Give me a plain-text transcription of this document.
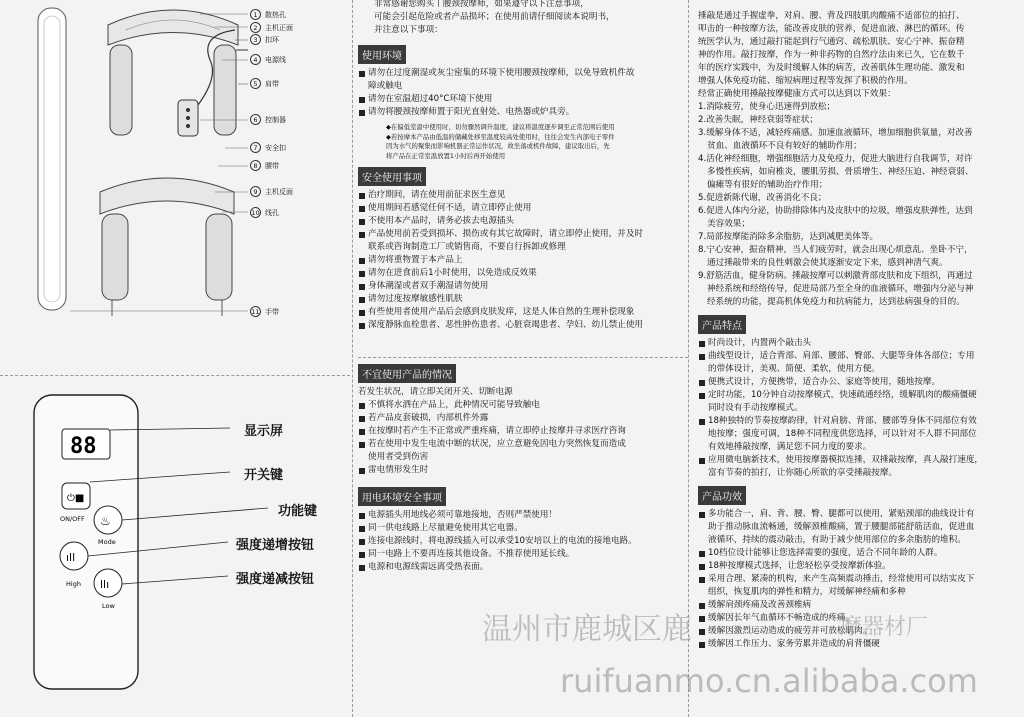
1	散热孔
2	主机正面
3	扣环
4	电源线
5	肩带
6	控制器
7	安全扣
8	腰带
9	主机反面
10 线孔
11 手带
88
⏻■
ON/OFF ♨
Mode
ıll
High llı
Low
显示屏
开关键
功能键
强度递增按钮
强度递减按钮
非常感谢您购买丨腰颈按摩师，如果遵守以下注意事项，
可能会引起危险或者产品损坏；在使用前请仔细阅读本说明书，
并注意以下事项：
使用环境
请勿在过度潮湿或灰尘密集的环境下使用腰颈按摩师，以免导致机件故
障或触电
请勿在室温超过40°C环境下使用
请勿将腰颈按摩师置于阳光直射处、电热器或炉具旁。
◆在偏低室温中使用时，切勿骤然调升温度，建议将温度逐步调至正常范围后使用
◆若按摩本产品由低温的储藏处移至温度较高处使用时，往往会发生内部电子零件
因为水气的聚集而影响机器正常运作状况，故坐落或机件故障，建议取出后，先
将产品在正常室温放置1小时后再开始使用
安全使用事项
治疗期间，请在使用前征求医生意见
使用期间若感觉任何不适，请立即停止使用
不使用本产品时，请务必拔去电源插头
产品使用前若受到损坏、损伤或有其它故障时，请立即停止使用，并及时
联系或咨询制造工厂或销售商，不要自行拆卸或修理
请勿将重物置于本产品上
请勿在进食前后1小时使用，以免造成反效果
身体潮湿或者双手潮湿请勿使用
请勿过度按摩敏感性肌肤
有些使用者使用产品后会感到皮肤发痒，这是人体自然的生理补偿现象
深度静脉血栓患者、恶性肿伤患者、心脏衰竭患者、孕妇、幼儿禁止使用
不宜使用产品的情况
若发生状况，请立即关闭开关、切断电源
不慎将水洒在产品上，此种情况可能导致触电
若产品皮套破损，内部机件外露
在按摩时若产生不正常或严重疼痛，请立即停止按摩并寻求医疗咨询
若在使用中发生电流中断的状况，应立意避免因电力突然恢复而造成
使用者受到伤害
雷电情形发生时
用电环境安全事项
电源插头用地线必须可靠地接地，否则严禁使用！
同一供电线路上尽量避免使用其它电器。
连接电源线时，将电源线插入可以承受10安培以上的电流的接地电路。
同一电路上不要再连接其他设备。不推荐使用延长线。
电源和电源线需远离受热表面。
捶敲是通过手握虚拳，对肩、腰、背及四肢肌肉酸痛不适部位的拍打、
叩击的一种按摩方法，能改善皮肤的营养，促进血液、淋巴的循环。传
统医学认为，通过敲打能起到行气通窍、疏松肌肤、安心宁神、振奋精
神的作用。敲打按摩，作为一种非药物的自然疗法由来已久，它在数千
年的医疗实践中，为及时缓解人体的病苦，改善肌体生理功能、激发和
增强人体免疫功能、缩短病理过程等发挥了积极的作用。
经常正确使用捶敲按摩健康方式可以达到以下效果：
1.消除疲劳，使身心迅速得到放松；
2.改善失眠，神经衰弱等症状；
3.缓解身体不适，减轻疼痛感。加速血液循环，增加细胞供氧量，对改善
贫血、血液循环不良有较好的辅助作用；
4.活化神经细胞，增强细胞活力及免疫力，促进大脑进行自我调节，对许
多慢性疾病，如肩椎炎，腰肌劳损、骨质增生、神经压迫、神经衰弱、
偏瘫等有很好的辅助治疗作用；
5.促进新陈代谢，改善消化不良；
6.促进人体内分泌，协助排除体内及皮肤中的垃圾，增强皮肤弹性，达到
美容效果；
7.局部按摩能消除多余脂肪，达到减肥美体等。
8.宁心安神，振奋精神，当人们疲劳时，就会出现心烦意乱、坐卧不宁，
通过捶敲带来的良性刺激会使其逐渐安定下来，感到神清气爽。
9.舒筋活血，健身防病。捶敲按摩可以刺激背部皮肤和皮下组织，再通过
神经系统和经络传导，促进局部乃至全身的血液循环，增强内分泌与神
经系统的功能，提高机体免疫力和抗病能力，达到祛病强身的目的。
产品特点
时尚设计，内置两个敲击头
曲线型设计，适合背部、肩部、腰部、臀部、大腿等身体各部位；专用
的带体设计，美观、简便、柔软，使用方便。
便携式设计，方便携带，适合办公、家庭等使用，随地按摩。
定时功能，10分钟自动按摩模式，快速疏通经络，缓解肌肉的酸痛僵硬
同时设有手动按摩模式。
18种独特的节奏按摩韵律，针对肩膀、背部、腰部等身体不同部位有效
地按摩；强度可调，18种不同程度供您选择，可以针对不人群不同部位
有效地捶敲按摩，满足您不同力度的要求。
应用微电脑新技术，使用按摩器模拟连捶，双捶敲按摩，真人敲打速度，
富有节奏的拍打，让你随心所欲的享受捶敲按摩。
产品功效
多功能合一，肩、背、腰、臀、腿都可以使用，紧贴颈部的曲线设计有
助于推动脉血流畅通，缓解颈椎酸痛，置于腰腿部能舒筋活血，促进血
液循环，持续的震动敲击，有助于减少使用部位的多余脂肪的堆积。
10档位设计能够让您选择需要的强度，适合不同年龄的人群。
18种按摩模式选择，让您轻松享受按摩新体验。
采用合理、紧凑的机构，来产生高频震动捶击，经常使用可以结实皮下
组织，恢复肌肉的弹性和精力，对缓解神经痛和多种
缓解肩颈疼痛及改善颈椎病
缓解因长年气血循环不畅造成的疼痛。
缓解因激烈运动造成的疲劳并可放松肌肉。
缓解因工作压力、家务劳累并造成的肩背僵硬
温州市鹿城区鹿	摩器材厂
ruifuanmo.cn.alibaba.com
